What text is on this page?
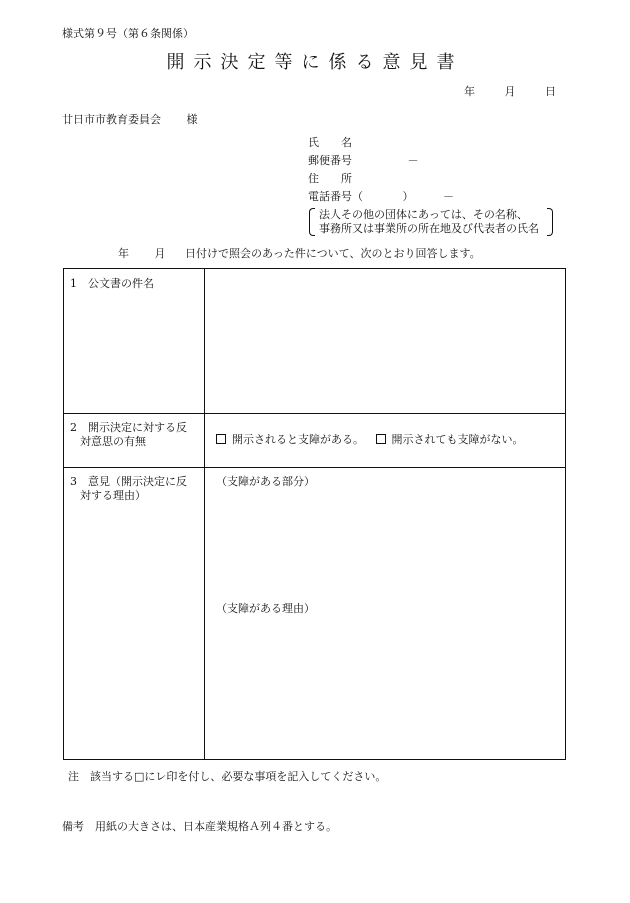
様式第９号（第６条関係）
開示決定等に係る意見書
年	月	日
廿日市市教育委員会 様
氏　　名
郵便番号	－
住　　所
電話番号（	）	－
法人その他の団体にあっては、その名称、
事務所又は事業所の所在地及び代表者の氏名
年 月 日付けで照会のあった件について、次のとおり回答します。
1　公文書の件名
2　開示決定に対する反
対意思の有無	開示されると支障がある。	開示されても支障がない。
3　意見（開示決定に反
対する理由）
（支障がある部分）
（支障がある理由）
注　該当する□にレ印を付し、必要な事項を記入してください。
備考　用紙の大きさは、日本産業規格Ａ列４番とする。
